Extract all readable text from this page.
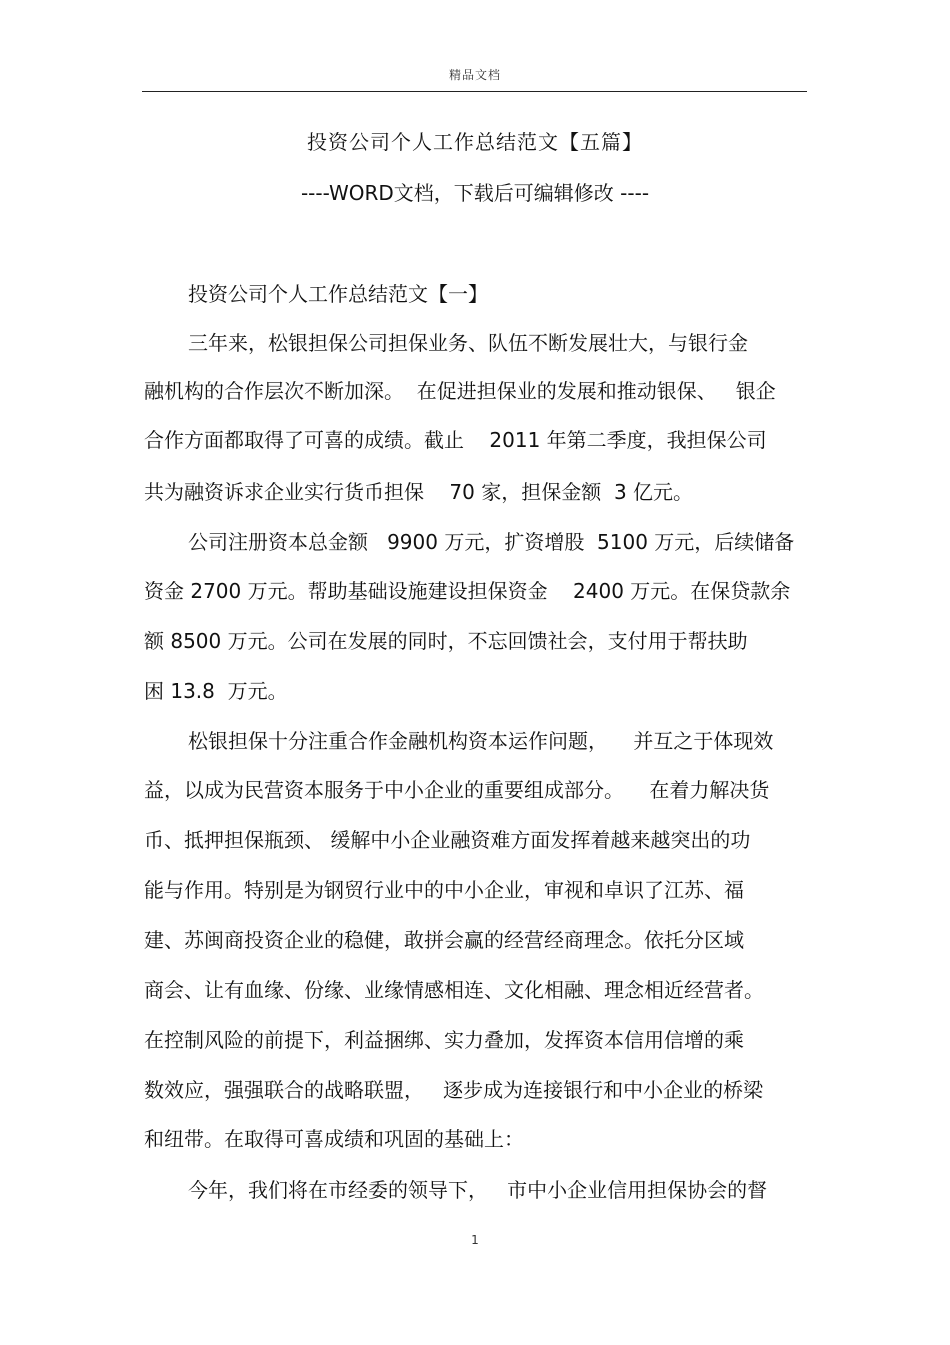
精品文档
投资公司个人工作总结范文【五篇】
----WORD文档，下载后可编辑修改 ----
投资公司个人工作总结范文【一】
三年来，松银担保公司担保业务、队伍不断发展壮大，与银行金
融机构的合作层次不断加深。  在促进担保业的发展和推动银保、   银企
合作方面都取得了可喜的成绩。截止    2011 年第二季度，我担保公司
共为融资诉求企业实行货币担保    70 家，担保金额  3 亿元。
公司注册资本总金额   9900 万元，扩资增股  5100 万元，后续储备
资金 2700 万元。帮助基础设施建设担保资金    2400 万元。在保贷款余
额 8500 万元。公司在发展的同时，不忘回馈社会，支付用于帮扶助
困 13.8  万元。
松银担保十分注重合作金融机构资本运作问题，    并互之于体现效
益，以成为民营资本服务于中小企业的重要组成部分。    在着力解决货
币、抵押担保瓶颈、 缓解中小企业融资难方面发挥着越来越突出的功
能与作用。特别是为钢贸行业中的中小企业，审视和卓识了江苏、福
建、苏闽商投资企业的稳健，敢拼会赢的经营经商理念。依托分区域
商会、让有血缘、份缘、业缘情感相连、文化相融、理念相近经营者。
在控制风险的前提下，利益捆绑、实力叠加，发挥资本信用信增的乘
数效应，强强联合的战略联盟，   逐步成为连接银行和中小企业的桥梁
和纽带。在取得可喜成绩和巩固的基础上：
今年，我们将在市经委的领导下，   市中小企业信用担保协会的督
1
